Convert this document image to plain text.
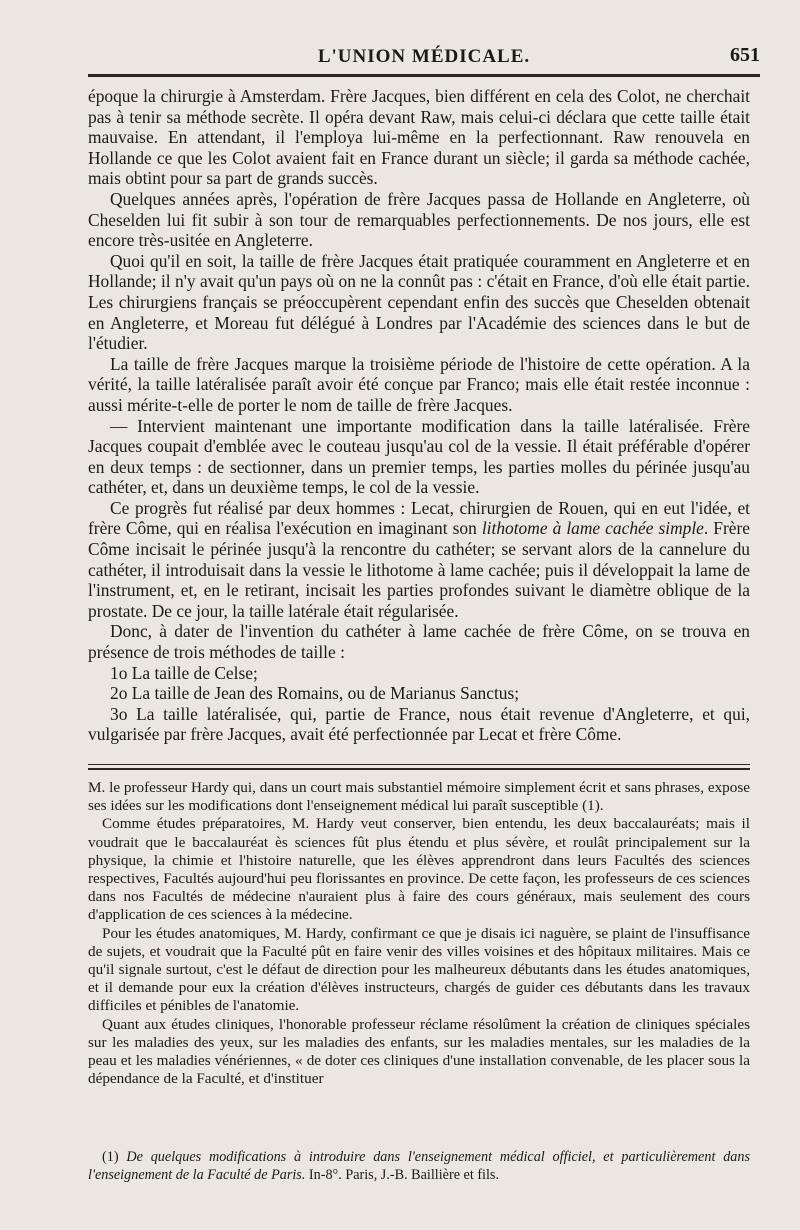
L'UNION MÉDICALE.	651

époque la chirurgie à Amsterdam. Frère Jacques, bien différent en cela des Colot, ne cherchait pas à tenir sa méthode secrète. Il opéra devant Raw, mais celui-ci déclara que cette taille était mauvaise. En attendant, il l'employa lui-même en la perfectionnant. Raw renouvela en Hollande ce que les Colot avaient fait en France durant un siècle; il garda sa méthode cachée, mais obtint pour sa part de grands succès.

Quelques années après, l'opération de frère Jacques passa de Hollande en Angleterre, où Cheselden lui fit subir à son tour de remarquables perfectionnements. De nos jours, elle est encore très-usitée en Angleterre.

Quoi qu'il en soit, la taille de frère Jacques était pratiquée couramment en Angleterre et en Hollande; il n'y avait qu'un pays où on ne la connût pas : c'était en France, d'où elle était partie. Les chirurgiens français se préoccupèrent cependant enfin des succès que Cheselden obtenait en Angleterre, et Moreau fut délégué à Londres par l'Académie des sciences dans le but de l'étudier.

La taille de frère Jacques marque la troisième période de l'histoire de cette opération. A la vérité, la taille latéralisée paraît avoir été conçue par Franco; mais elle était restée inconnue : aussi mérite-t-elle de porter le nom de taille de frère Jacques.

— Intervient maintenant une importante modification dans la taille latéralisée. Frère Jacques coupait d'emblée avec le couteau jusqu'au col de la vessie. Il était préférable d'opérer en deux temps : de sectionner, dans un premier temps, les parties molles du périnée jusqu'au cathéter, et, dans un deuxième temps, le col de la vessie.

Ce progrès fut réalisé par deux hommes : Lecat, chirurgien de Rouen, qui en eut l'idée, et frère Côme, qui en réalisa l'exécution en imaginant son lithotome à lame cachée simple. Frère Côme incisait le périnée jusqu'à la rencontre du cathéter; se servant alors de la cannelure du cathéter, il introduisait dans la vessie le lithotome à lame cachée; puis il développait la lame de l'instrument, et, en le retirant, incisait les parties profondes suivant le diamètre oblique de la prostate. De ce jour, la taille latérale était régularisée.

Donc, à dater de l'invention du cathéter à lame cachée de frère Côme, on se trouva en présence de trois méthodes de taille :

1o La taille de Celse;
2o La taille de Jean des Romains, ou de Marianus Sanctus;
3o La taille latéralisée, qui, partie de France, nous était revenue d'Angleterre, et qui, vulgarisée par frère Jacques, avait été perfectionnée par Lecat et frère Côme.

M. le professeur Hardy qui, dans un court mais substantiel mémoire simplement écrit et sans phrases, expose ses idées sur les modifications dont l'enseignement médical lui paraît susceptible (1).

Comme études préparatoires, M. Hardy veut conserver, bien entendu, les deux baccalauréats; mais il voudrait que le baccalauréat ès sciences fût plus étendu et plus sévère, et roulât principalement sur la physique, la chimie et l'histoire naturelle, que les élèves apprendront dans leurs Facultés des sciences respectives, Facultés aujourd'hui peu florissantes en province. De cette façon, les professeurs de ces sciences dans nos Facultés de médecine n'auraient plus à faire des cours généraux, mais seulement des cours d'application de ces sciences à la médecine.

Pour les études anatomiques, M. Hardy, confirmant ce que je disais ici naguère, se plaint de l'insuffisance de sujets, et voudrait que la Faculté pût en faire venir des villes voisines et des hôpitaux militaires. Mais ce qu'il signale surtout, c'est le défaut de direction pour les malheureux débutants dans les études anatomiques, et il demande pour eux la création d'élèves instructeurs, chargés de guider ces débutants dans les travaux difficiles et pénibles de l'anatomie.

Quant aux études cliniques, l'honorable professeur réclame résolûment la création de cliniques spéciales sur les maladies des yeux, sur les maladies des enfants, sur les maladies mentales, sur les maladies de la peau et les maladies vénériennes, « de doter ces cliniques d'une installation convenable, de les placer sous la dépendance de la Faculté, et d'instituer

(1) De quelques modifications à introduire dans l'enseignement médical officiel, et particulièrement dans l'enseignement de la Faculté de Paris. In-8°. Paris, J.-B. Baillière et fils.
